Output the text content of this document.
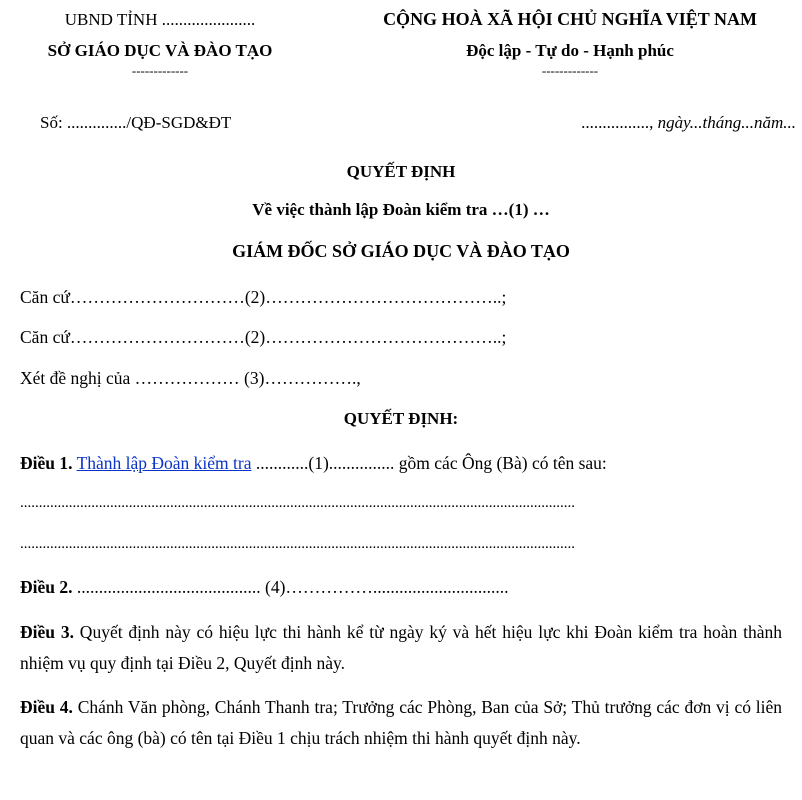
UBND TỈNH ......................
SỞ GIÁO DỤC VÀ ĐÀO TẠO
-------------
CỘNG HOÀ XÃ HỘI CHỦ NGHĨA VIỆT NAM
Độc lập - Tự do - Hạnh phúc
-------------
Số: ............../QĐ-SGD&ĐT	................, ngày...tháng...năm...
QUYẾT ĐỊNH
Về việc thành lập Đoàn kiểm tra …(1) …
GIÁM ĐỐC SỞ GIÁO DỤC VÀ ĐÀO TẠO
Căn cứ…………………………(2)…………………………………..;
Căn cứ…………………………(2)…………………………………..;
Xét đề nghị của ……………… (3)…………….,
QUYẾT ĐỊNH:
Điều 1. Thành lập Đoàn kiểm tra ............(1)............... gồm các Ông (Bà) có tên sau:
....................................................................................................................................................
....................................................................................................................................................
Điều 2. .......................................... (4)……………...............................
Điều 3. Quyết định này có hiệu lực thi hành kể từ ngày ký và hết hiệu lực khi Đoàn kiểm tra hoàn thành nhiệm vụ quy định tại Điều 2, Quyết định này.
Điều 4. Chánh Văn phòng, Chánh Thanh tra; Trưởng các Phòng, Ban của Sở; Thủ trưởng các đơn vị có liên quan và các ông (bà) có tên tại Điều 1 chịu trách nhiệm thi hành quyết định này.
